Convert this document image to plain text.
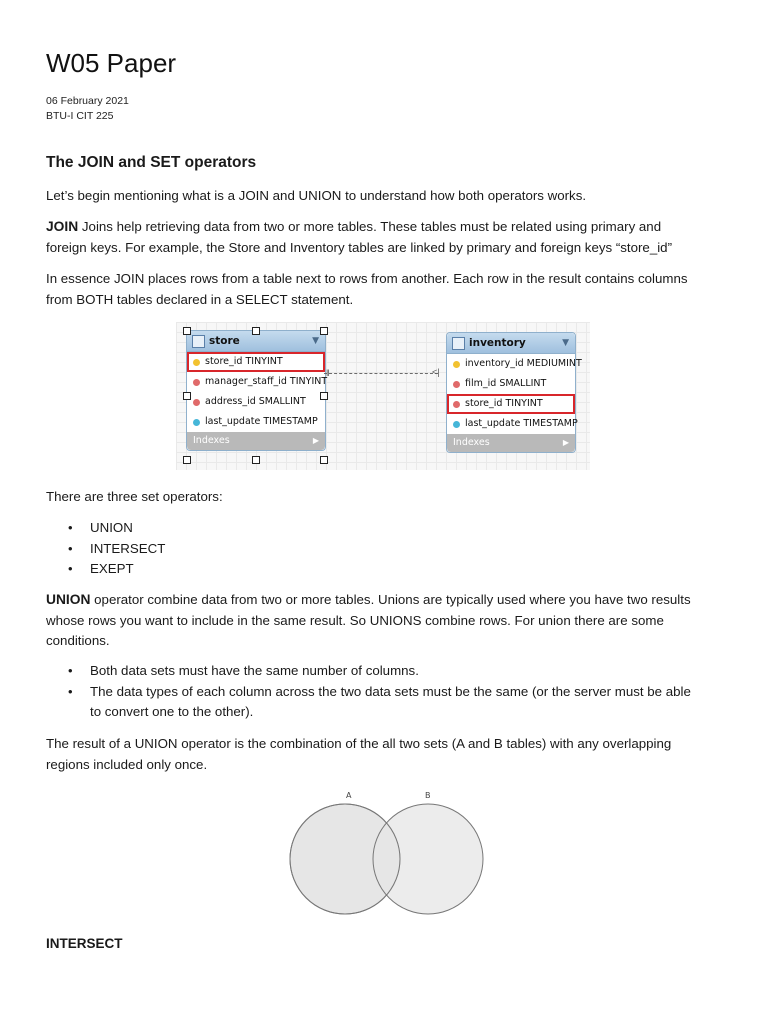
W05 Paper
06 February 2021
BTU-I CIT 225
The JOIN and SET operators
Let’s begin mentioning what is a JOIN and UNION to understand how both operators works.
JOIN Joins help retrieving data from two or more tables. These tables must be related using primary and
foreign keys. For example, the Store and Inventory tables are linked by primary and foreign keys “store_id”
In essence JOIN places rows from a table next to rows from another. Each row in the result contains columns
from BOTH tables declared in a SELECT statement.
There are three set operators:
• UNION
• INTERSECT
• EXEPT
UNION operator combine data from two or more tables. Unions are typically used where you have two results
whose rows you want to include in the same result. So UNIONS combine rows. For union there are some
conditions.
• Both data sets must have the same number of columns.
• The data types of each column across the two data sets must be the same (or the server must be able
to convert one to the other).
The result of a UNION operator is the combination of the all two sets (A and B tables) with any overlapping
regions included only once.
INTERSECT
store	▼
store_id TINYINT
manager_staff_id TINYINT
address_id SMALLINT
last_update TIMESTAMP
Indexes	▶
‖	<|
inventory	▼
inventory_id MEDIUMINT
film_id SMALLINT
store_id TINYINT
last_update TIMESTAMP
Indexes	▶
A	B
